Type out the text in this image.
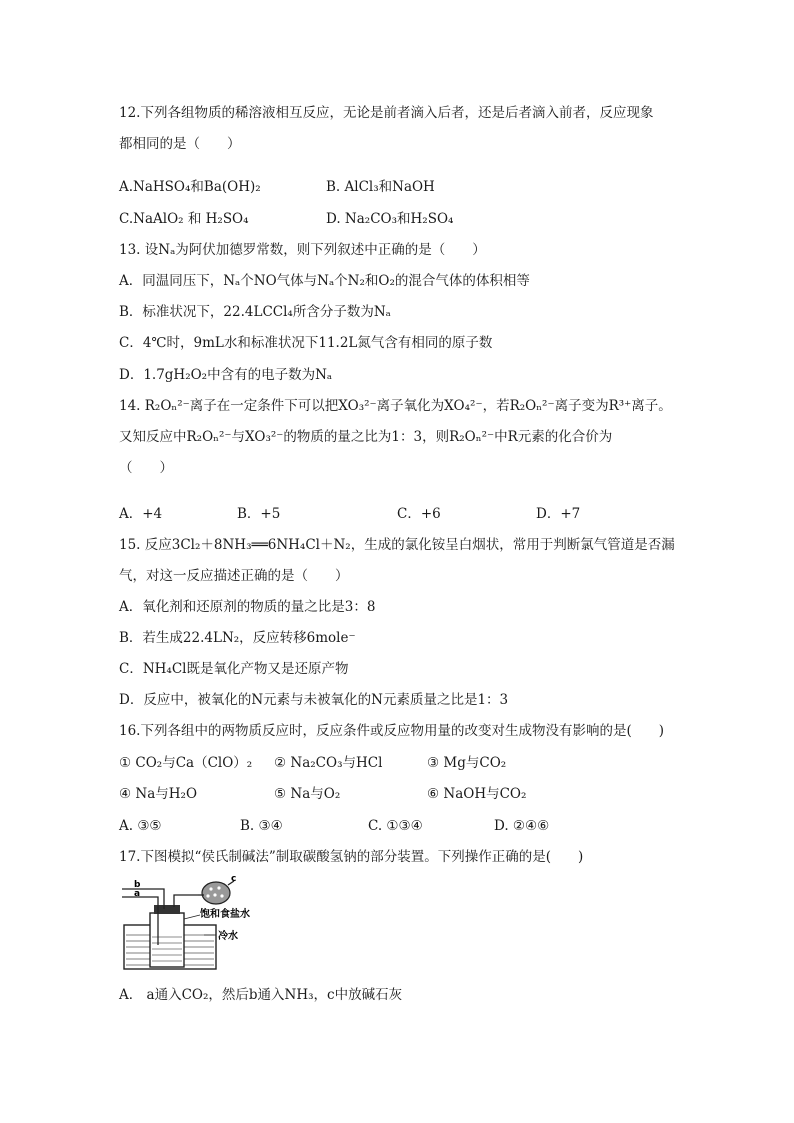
12.下列各组物质的稀溶液相互反应，无论是前者滴入后者，还是后者滴入前者，反应现象
都相同的是（　　）
A.NaHSO₄和Ba(OH)₂	B. AlCl₃和NaOH
C.NaAlO₂ 和 H₂SO₄	D. Na₂CO₃和H₂SO₄
13. 设Nₐ为阿伏加德罗常数，则下列叙述中正确的是（　　）
A．同温同压下，Nₐ个NO气体与Nₐ个N₂和O₂的混合气体的体积相等
B．标准状况下，22.4LCCl₄所含分子数为Nₐ
C．4℃时，9mL水和标准状况下11.2L氮气含有相同的原子数
D．1.7gH₂O₂中含有的电子数为Nₐ
14. R₂Oₙ²⁻离子在一定条件下可以把XO₃²⁻离子氧化为XO₄²⁻，若R₂Oₙ²⁻离子变为R³⁺离子。
又知反应中R₂Oₙ²⁻与XO₃²⁻的物质的量之比为1：3，则R₂Oₙ²⁻中R元素的化合价为
（　　）
A．+4	B．+5	C．+6	D．+7
15. 反应3Cl₂＋8NH₃══6NH₄Cl＋N₂，生成的氯化铵呈白烟状，常用于判断氯气管道是否漏
气，对这一反应描述正确的是（　　）
A．氧化剂和还原剂的物质的量之比是3：8
B．若生成22.4LN₂，反应转移6mole⁻
C．NH₄Cl既是氧化产物又是还原产物
D．反应中，被氧化的N元素与未被氧化的N元素质量之比是1：3
16.下列各组中的两物质反应时，反应条件或反应物用量的改变对生成物没有影响的是(　　)
① CO₂与Ca（ClO）₂ ② Na₂CO₃与HCl	③ Mg与CO₂
④ Na与H₂O	⑤ Na与O₂	⑥ NaOH与CO₂
A. ③⑤	B. ③④	C. ①③④	D. ②④⑥
17.下图模拟“侯氏制碱法”制取碳酸氢钠的部分装置。下列操作正确的是(　　)
b
a
c
饱和食盐水
冷水
A． a通入CO₂，然后b通入NH₃，c中放碱石灰
